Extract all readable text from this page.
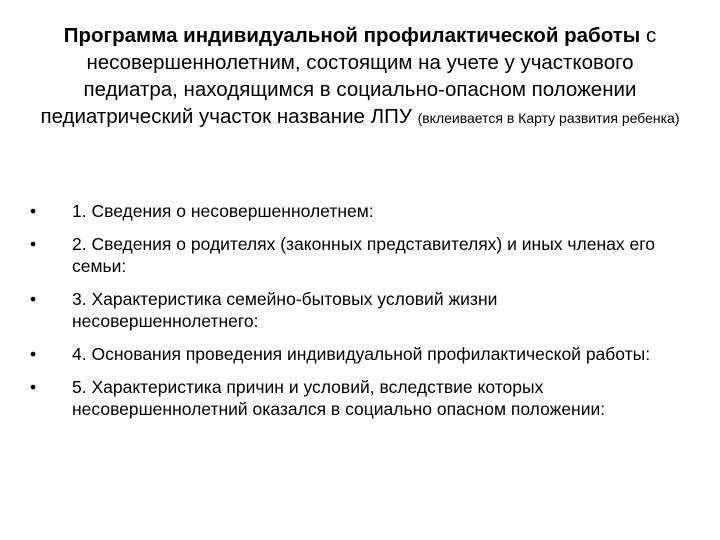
Программа индивидуальной профилактической работы с несовершеннолетним, состоящим на учете у участкового педиатра, находящимся в социально-опасном положении педиатрический участок название ЛПУ (вклеивается в Карту развития ребенка)
•	1. Сведения о несовершеннолетнем:
•	2. Сведения о родителях (законных представителях) и иных членах его семьи:
•	3. Характеристика семейно-бытовых условий жизни несовершеннолетнего:
•	4. Основания проведения индивидуальной профилактической работы:
•	5. Характеристика причин и условий, вследствие которых несовершеннолетний оказался в социально опасном положении:
